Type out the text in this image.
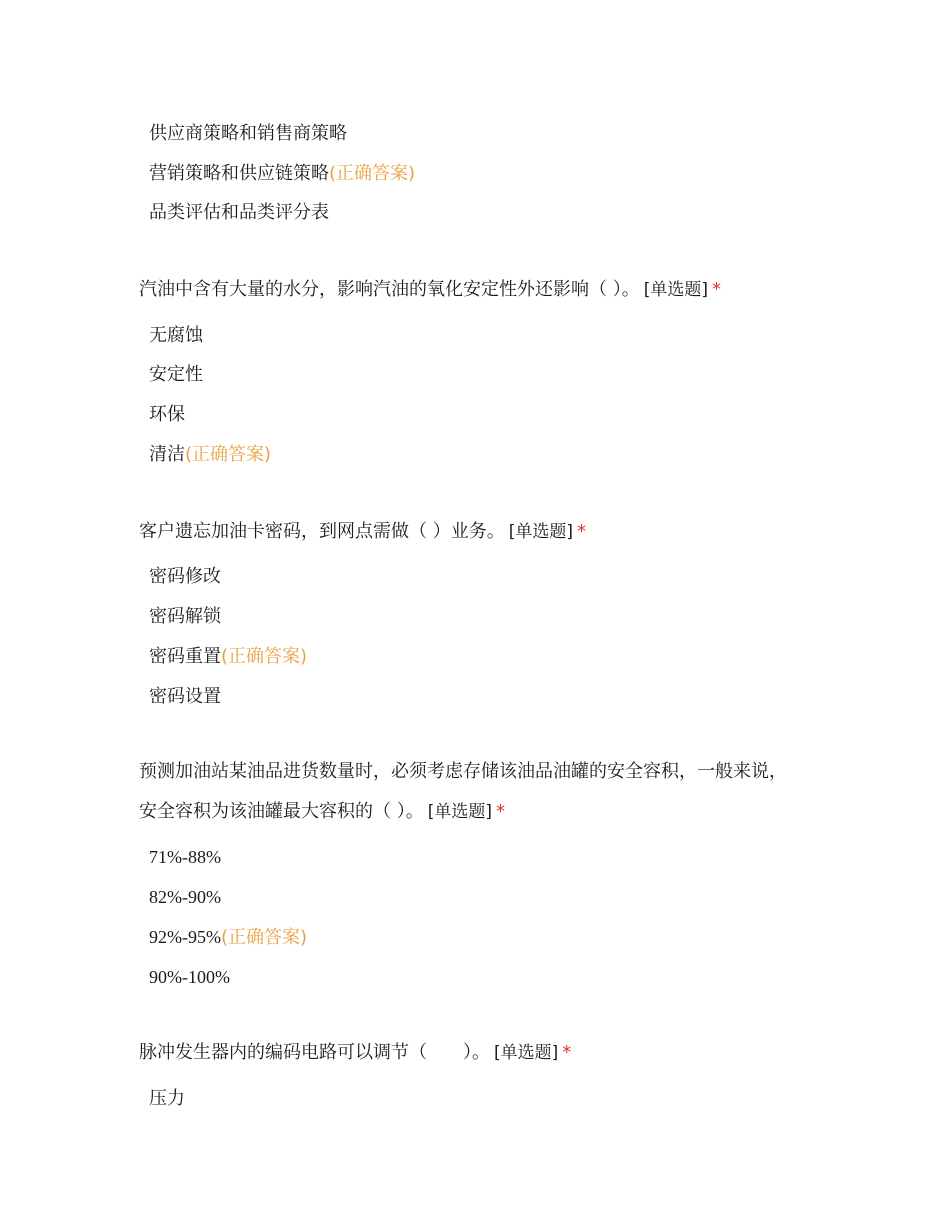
供应商策略和销售商策略
营销策略和供应链策略(正确答案)
品类评估和品类评分表
汽油中含有大量的水分，影响汽油的氧化安定性外还影响（ ）。 [单选题] *
无腐蚀
安定性
环保
清洁(正确答案)
客户遗忘加油卡密码，到网点需做（ ）业务。 [单选题] *
密码修改
密码解锁
密码重置(正确答案)
密码设置
预测加油站某油品进货数量时，必须考虑存储该油品油罐的安全容积，一般来说，
安全容积为该油罐最大容积的（ ）。 [单选题] *
71%-88%
82%-90%
92%-95%(正确答案)
90%-100%
脉冲发生器内的编码电路可以调节（　　）。 [单选题] *
压力
